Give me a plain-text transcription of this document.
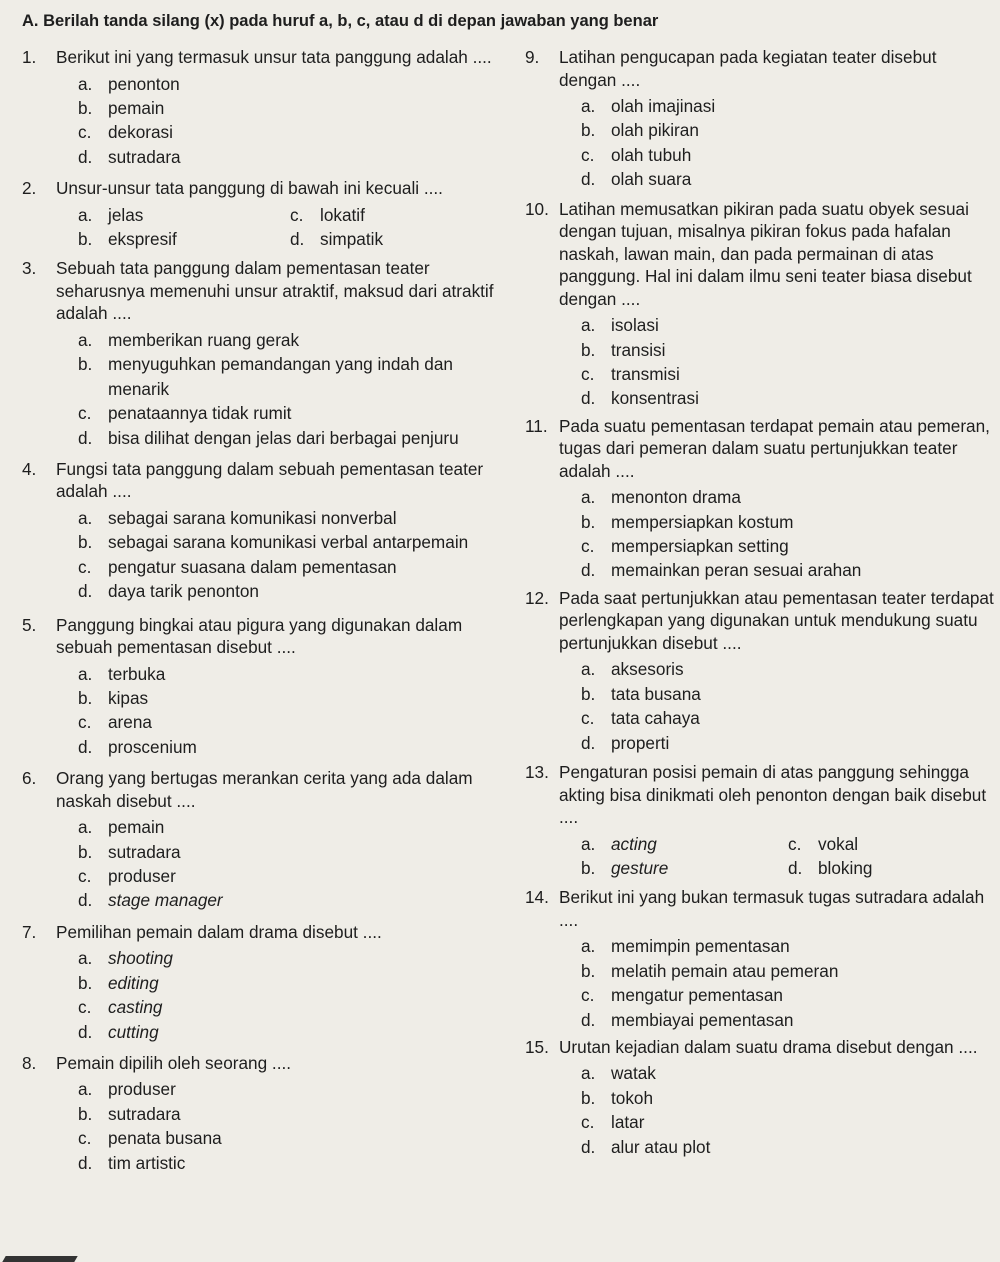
A. Berilah tanda silang (x) pada huruf a, b, c, atau d di depan jawaban yang benar
1. Berikut ini yang termasuk unsur tata panggung adalah ....
a. penonton
b. pemain
c. dekorasi
d. sutradara
2. Unsur-unsur tata panggung di bawah ini kecuali ....
a. jelas	c. lokatif
b. ekspresif	d. simpatik
3. Sebuah tata panggung dalam pementasan teater seharusnya memenuhi unsur atraktif, maksud dari atraktif adalah ....
a. memberikan ruang gerak
b. menyuguhkan pemandangan yang indah dan menarik
c. penataannya tidak rumit
d. bisa dilihat dengan jelas dari berbagai penjuru
4. Fungsi tata panggung dalam sebuah pementasan teater adalah ....
a. sebagai sarana komunikasi nonverbal
b. sebagai sarana komunikasi verbal antarpemain
c. pengatur suasana dalam pementasan
d. daya tarik penonton
5. Panggung bingkai atau pigura yang digunakan dalam sebuah pementasan disebut ....
a. terbuka
b. kipas
c. arena
d. proscenium
6. Orang yang bertugas merankan cerita yang ada dalam naskah disebut ....
a. pemain
b. sutradara
c. produser
d. stage manager
7. Pemilihan pemain dalam drama disebut ....
a. shooting
b. editing
c. casting
d. cutting
8. Pemain dipilih oleh seorang ....
a. produser
b. sutradara
c. penata busana
d. tim artistic
9. Latihan pengucapan pada kegiatan teater disebut dengan ....
a. olah imajinasi
b. olah pikiran
c. olah tubuh
d. olah suara
10. Latihan memusatkan pikiran pada suatu obyek sesuai dengan tujuan, misalnya pikiran fokus pada hafalan naskah, lawan main, dan pada permainan di atas panggung. Hal ini dalam ilmu seni teater biasa disebut dengan ....
a. isolasi
b. transisi
c. transmisi
d. konsentrasi
11. Pada suatu pementasan terdapat pemain atau pemeran, tugas dari pemeran dalam suatu pertunjukkan teater adalah ....
a. menonton drama
b. mempersiapkan kostum
c. mempersiapkan setting
d. memainkan peran sesuai arahan
12. Pada saat pertunjukkan atau pementasan teater terdapat perlengkapan yang digunakan untuk mendukung suatu pertunjukkan disebut ....
a. aksesoris
b. tata busana
c. tata cahaya
d. properti
13. Pengaturan posisi pemain di atas panggung sehingga akting bisa dinikmati oleh penonton dengan baik disebut ....
a. acting	c. vokal
b. gesture	d. bloking
14. Berikut ini yang bukan termasuk tugas sutradara adalah ....
a. memimpin pementasan
b. melatih pemain atau pemeran
c. mengatur pementasan
d. membiayai pementasan
15. Urutan kejadian dalam suatu drama disebut dengan ....
a. watak
b. tokoh
c. latar
d. alur atau plot
